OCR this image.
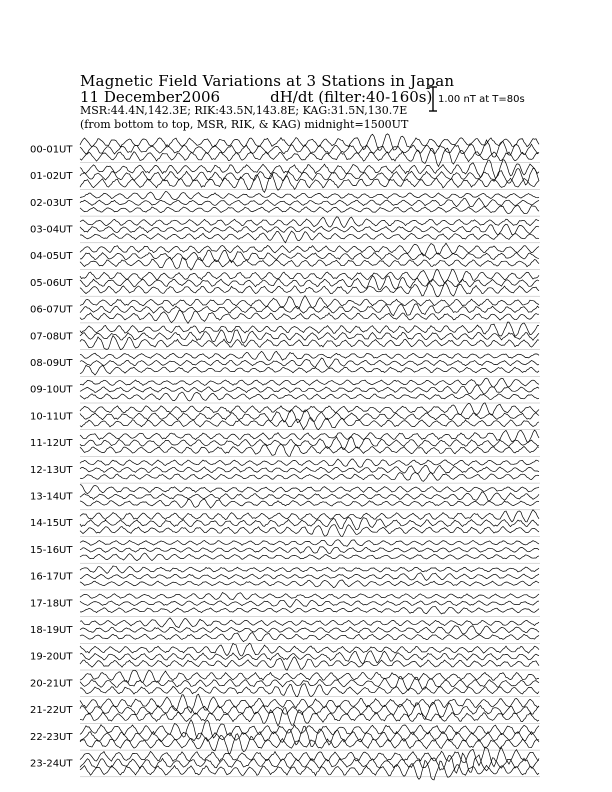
Magnetic Field Variations at 3 Stations in Japan
11 December2006	dH/dt (filter:40-160s)
MSR:44.4N,142.3E; RIK:43.5N,143.8E; KAG:31.5N,130.7E
(from bottom to top, MSR, RIK, & KAG) midnight=1500UT
1.00 nT at T=80s
00-01UT
01-02UT
02-03UT
03-04UT
04-05UT
05-06UT
06-07UT
07-08UT
08-09UT
09-10UT
10-11UT
11-12UT
12-13UT
13-14UT
14-15UT
15-16UT
16-17UT
17-18UT
18-19UT
19-20UT
20-21UT
21-22UT
22-23UT
23-24UT
